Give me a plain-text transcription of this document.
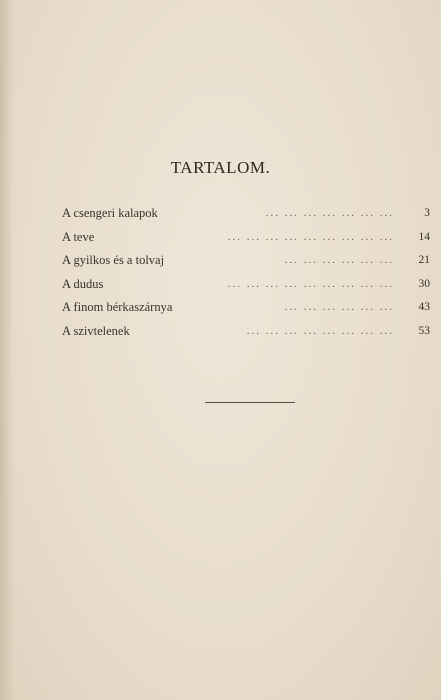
TARTALOM.
A csengeri kalapok	... ... ... ... ... ... ...	3
A teve	... ... ... ... ... ... ... ... ...	14
A gyilkos és a tolvaj	... ... ... ... ... ...	21
A dudus	... ... ... ... ... ... ... ... ...	30
A finom bérkaszárnya	... ... ... ... ... ...	43
A szivtelenek	... ... ... ... ... ... ... ...	53
